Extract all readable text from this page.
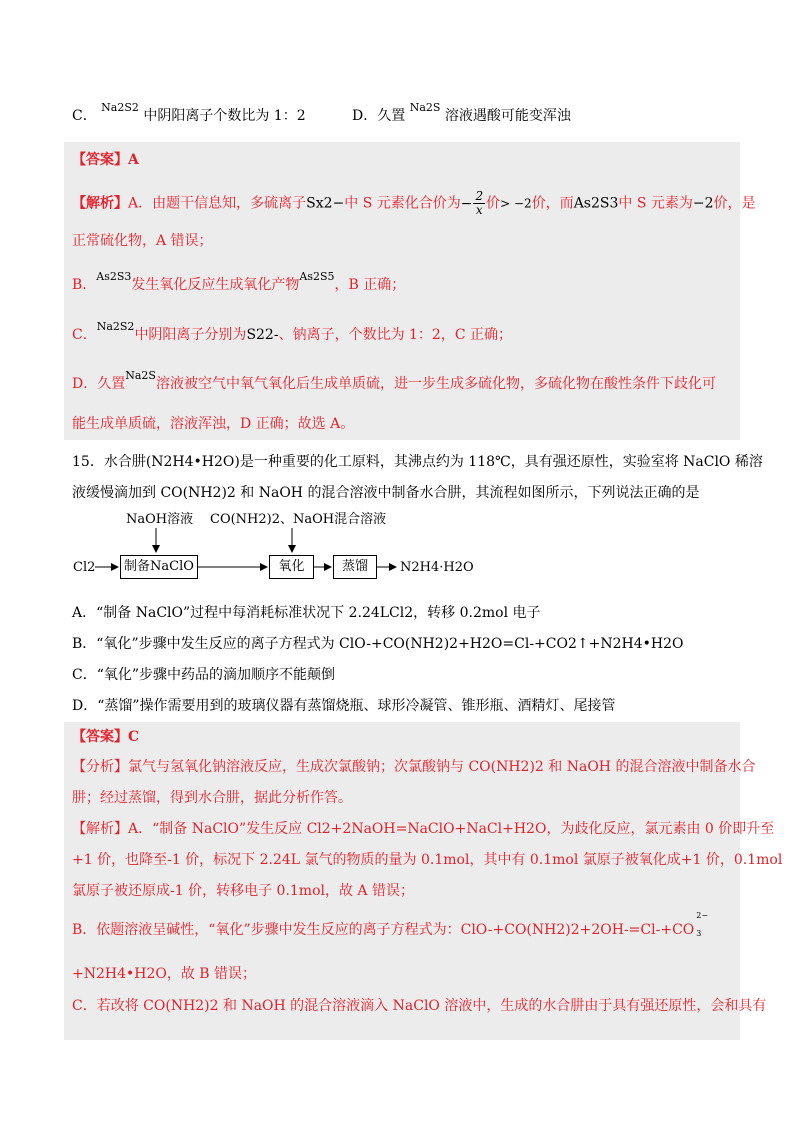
C． $^{Na2S2}$ 中阴阳离子个数比为 1：2	D．久置 $^{Na2S}$ 溶液遇酸可能变浑浊
【答案】A
【解析】A．由题干信息知，多硫离子Sx2−中 S 元素化合价为− $\frac{2}{x}$ 价> −2价，而As2S3中 S 元素为−2价，是
正常硫化物，A 错误；
B．$^{As2S3}$发生氧化反应生成氧化产物$^{As2S5}$，B 正确；
C．$^{Na2S2}$中阴阳离子分别为S22-、钠离子，个数比为 1：2，C 正确；
D．久置$^{Na2S}$溶液被空气中氧气氧化后生成单质硫，进一步生成多硫化物，多硫化物在酸性条件下歧化可
能生成单质硫，溶液浑浊，D 正确；故选 A。
15．水合肼(N2H4•H2O)是一种重要的化工原料，其沸点约为 118℃，具有强还原性，实验室将 NaClO 稀溶
液缓慢滴加到 CO(NH2)2 和 NaOH 的混合溶液中制备水合肼，其流程如图所示，下列说法正确的是
NaOH溶液 CO(NH2)2、NaOH混合溶液
Cl2	制备NaClO	氧化	蒸馏	N2H4·H2O
A．“制备 NaClO”过程中每消耗标准状况下 2.24LCl2，转移 0.2mol 电子
B．“氧化”步骤中发生反应的离子方程式为 ClO-+CO(NH2)2+H2O=Cl-+CO2↑+N2H4•H2O
C．“氧化”步骤中药品的滴加顺序不能颠倒
D．“蒸馏”操作需要用到的玻璃仪器有蒸馏烧瓶、球形冷凝管、锥形瓶、酒精灯、尾接管
【答案】C
【分析】氯气与氢氧化钠溶液反应，生成次氯酸钠；次氯酸钠与 CO(NH2)2 和 NaOH 的混合溶液中制备水合
肼；经过蒸馏，得到水合肼，据此分析作答。
【解析】A．“制备 NaClO”发生反应 Cl2+2NaOH=NaClO+NaCl+H2O，为歧化反应，氯元素由 0 价即升至
+1 价，也降至-1 价，标况下 2.24L 氯气的物质的量为 0.1mol，其中有 0.1mol 氯原子被氧化成+1 价，0.1mol
氯原子被还原成-1 价，转移电子 0.1mol，故 A 错误；
B．依题溶液呈碱性，“氧化”步骤中发生反应的离子方程式为：ClO-+CO(NH2)2+2OH-=Cl-+CO
2−
3
+N2H4•H2O，故 B 错误；
C．若改将 CO(NH2)2 和 NaOH 的混合溶液滴入 NaClO 溶液中，生成的水合肼由于具有强还原性，会和具有
